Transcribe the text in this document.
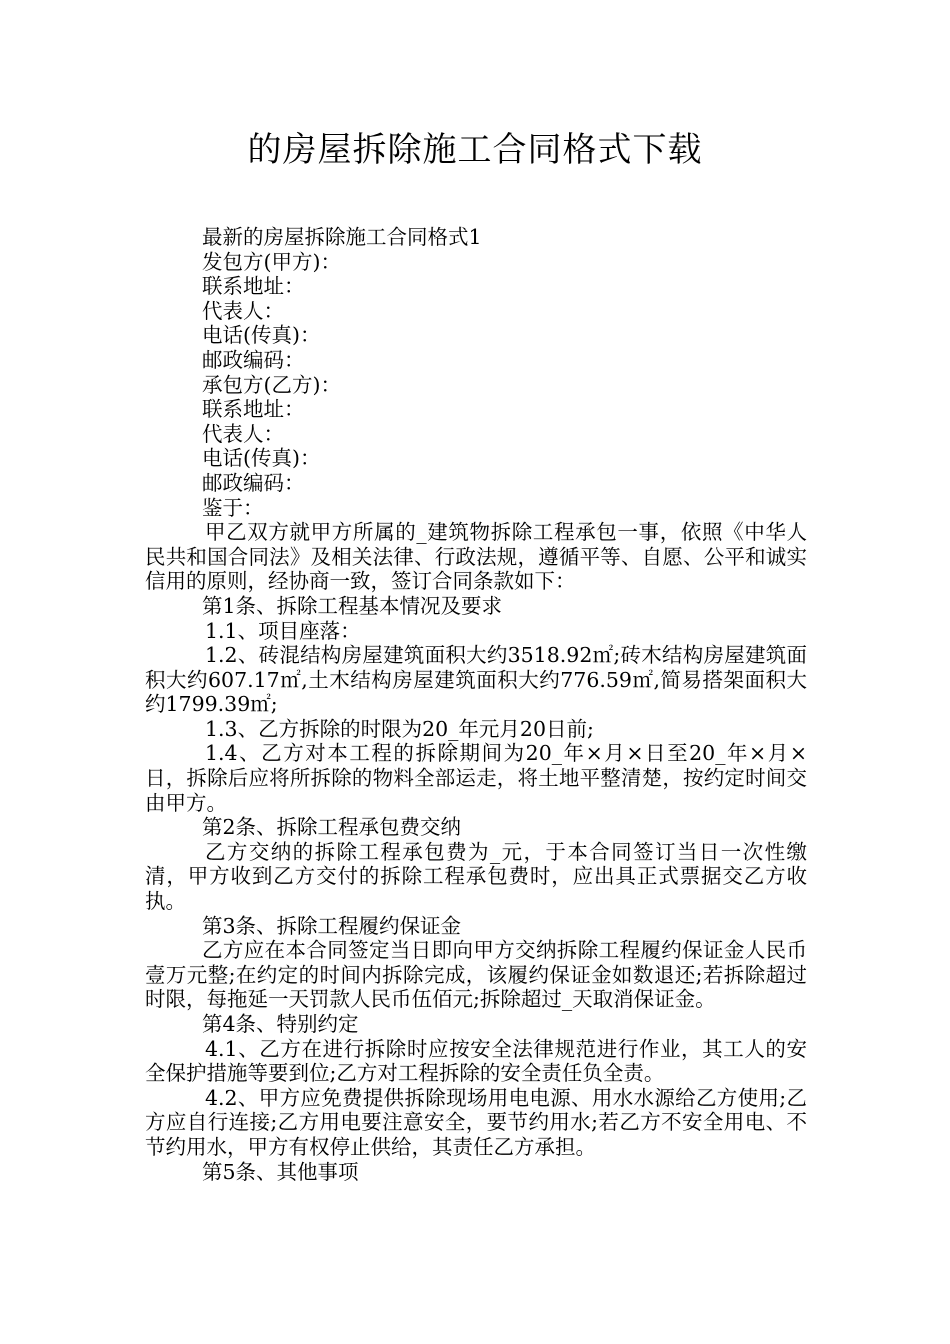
的房屋拆除施工合同格式下载

最新的房屋拆除施工合同格式1

发包方(甲方)：

联系地址：

代表人：

电话(传真)：

邮政编码：

承包方(乙方)：

联系地址：

代表人：

电话(传真)：

邮政编码：

鉴于：

甲乙双方就甲方所属的_建筑物拆除工程承包一事，依照《中华人民共和国合同法》及相关法律、行政法规，遵循平等、自愿、公平和诚实信用的原则，经协商一致，签订合同条款如下：

第1条、拆除工程基本情况及要求

1.1、项目座落：

1.2、砖混结构房屋建筑面积大约3518.92㎡;砖木结构房屋建筑面积大约607.17㎡,土木结构房屋建筑面积大约776.59㎡,简易搭架面积大约1799.39㎡;

1.3、乙方拆除的时限为20_年元月20日前;

1.4、乙方对本工程的拆除期间为20_年×月×日至20_年×月×日，拆除后应将所拆除的物料全部运走，将土地平整清楚，按约定时间交由甲方。

第2条、拆除工程承包费交纳

乙方交纳的拆除工程承包费为_元，于本合同签订当日一次性缴清，甲方收到乙方交付的拆除工程承包费时，应出具正式票据交乙方收执。

第3条、拆除工程履约保证金

乙方应在本合同签定当日即向甲方交纳拆除工程履约保证金人民币壹万元整;在约定的时间内拆除完成，该履约保证金如数退还;若拆除超过时限，每拖延一天罚款人民币伍佰元;拆除超过_天取消保证金。

第4条、特别约定

4.1、乙方在进行拆除时应按安全法律规范进行作业，其工人的安全保护措施等要到位;乙方对工程拆除的安全责任负全责。

4.2、甲方应免费提供拆除现场用电电源、用水水源给乙方使用;乙方应自行连接;乙方用电要注意安全，要节约用水;若乙方不安全用电、不节约用水，甲方有权停止供给，其责任乙方承担。

第5条、其他事项
